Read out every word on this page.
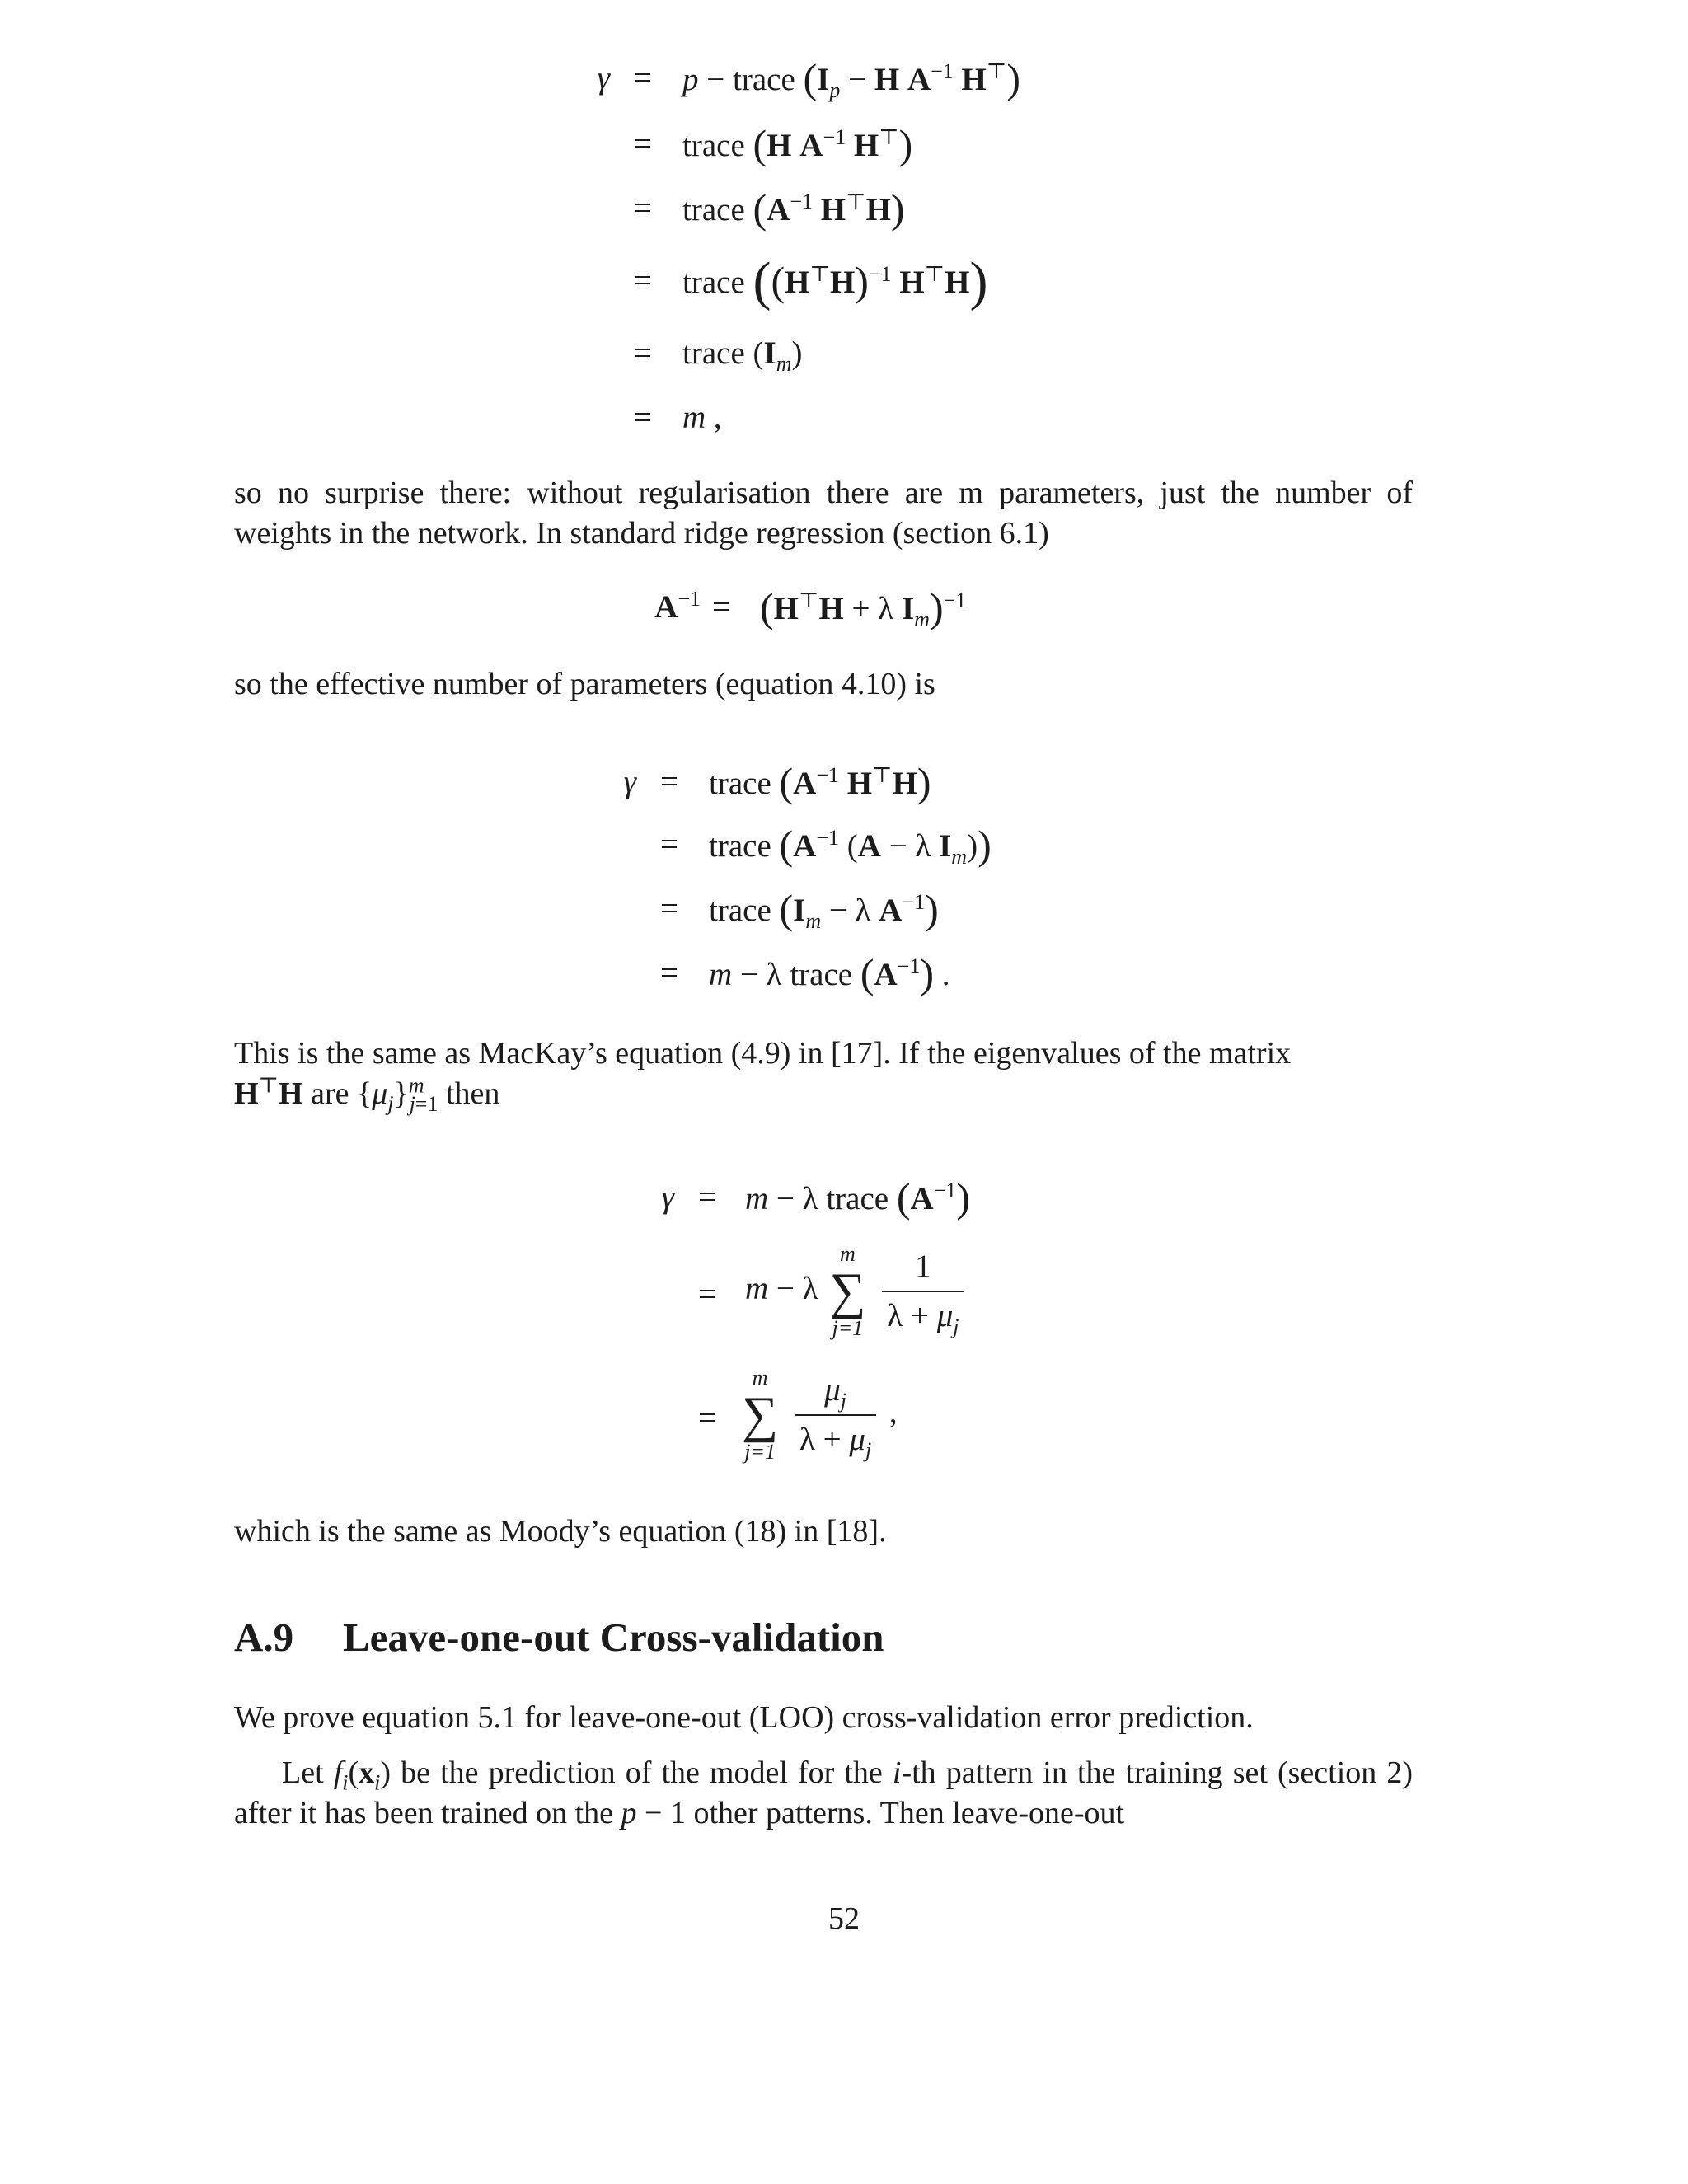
γ = p − trace ($I_p - H$ $A^{-1}$ H⊤)
= trace (H $A^{-1}$ H⊤)
= trace ($A^{-1}$ H⊤H)
= trace ($(H^⊤H)^{-1}$ H⊤H)
= trace $(I_m)$
= m ,

so no surprise there: without regularisation there are m parameters, just the number of weights in the network. In standard ridge regression (section 6.1)

$A^{-1} = (H^⊤H + \lambda$ $I_m)^{-1}$

so the effective number of parameters (equation 4.10) is

γ = trace ($A^{-1}$ H⊤H)
= trace ($A^{-1}$ (A − λ $I_m$))
= trace ($I_m - \lambda$ $A^{-1}$)
= m − λ trace $(A^{-1})$ .

This is the same as MacKay’s equation (4.9) in [17]. If the eigenvalues of the matrix
H⊤H are $\{\mu_j\}^m_{j=1}$ then

γ = m − λ trace $(A^{-1})$
= m − λ
m
∑
j=1
$\frac{1}{\lambda + \mu_j}$
=
m
∑
j=1
$\frac{\mu_j}{\lambda + \mu_j}$ ,

which is the same as Moody’s equation (18) in [18].

A.9 Leave-one-out Cross-validation

We prove equation 5.1 for leave-one-out (LOO) cross-validation error prediction.

Let $f_i(x_i)$ be the prediction of the model for the i-th pattern in the training set (section 2) after it has been trained on the p − 1 other patterns. Then leave-one-out

52
